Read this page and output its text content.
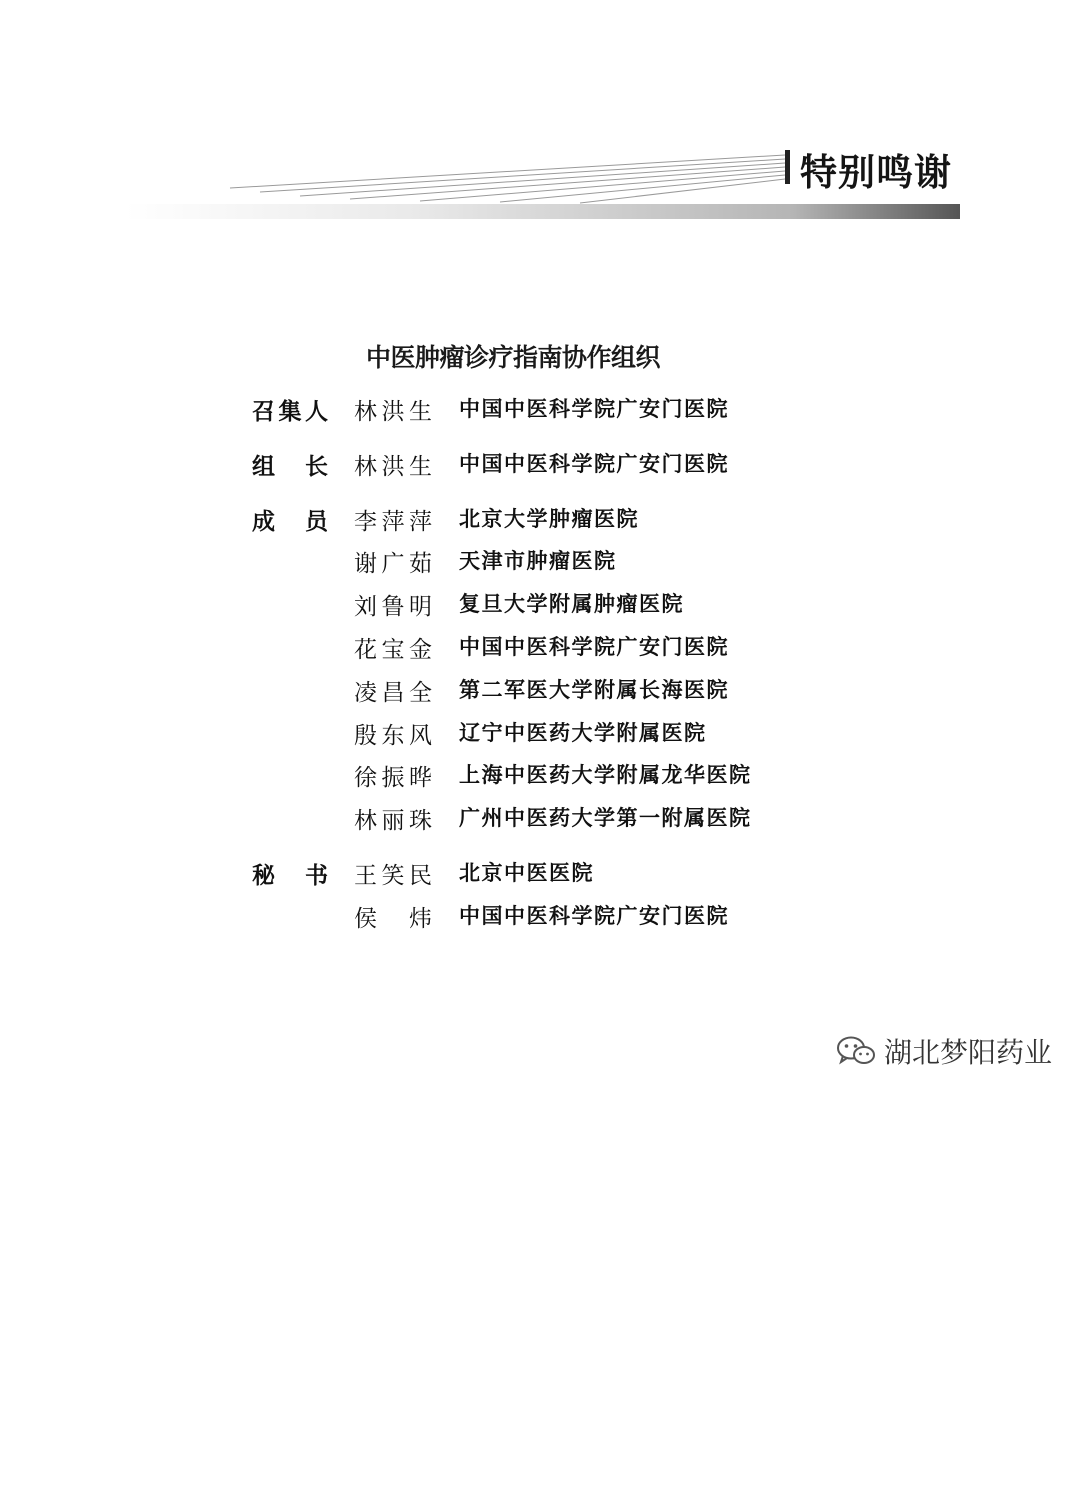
特别鸣谢
中医肿瘤诊疗指南协作组织
召 集 人 林 洪 生 中国中医科学院广安门医院
组 长 林 洪 生 中国中医科学院广安门医院
成 员 李 萍 萍 北京大学肿瘤医院
谢 广 茹 天津市肿瘤医院
刘 鲁 明 复旦大学附属肿瘤医院
花 宝 金 中国中医科学院广安门医院
凌 昌 全 第二军医大学附属长海医院
殷 东 风 辽宁中医药大学附属医院
徐 振 晔 上海中医药大学附属龙华医院
林 丽 珠 广州中医药大学第一附属医院
秘 书 王 笑 民 北京中医医院
侯 炜 中国中医科学院广安门医院
湖北梦阳药业
